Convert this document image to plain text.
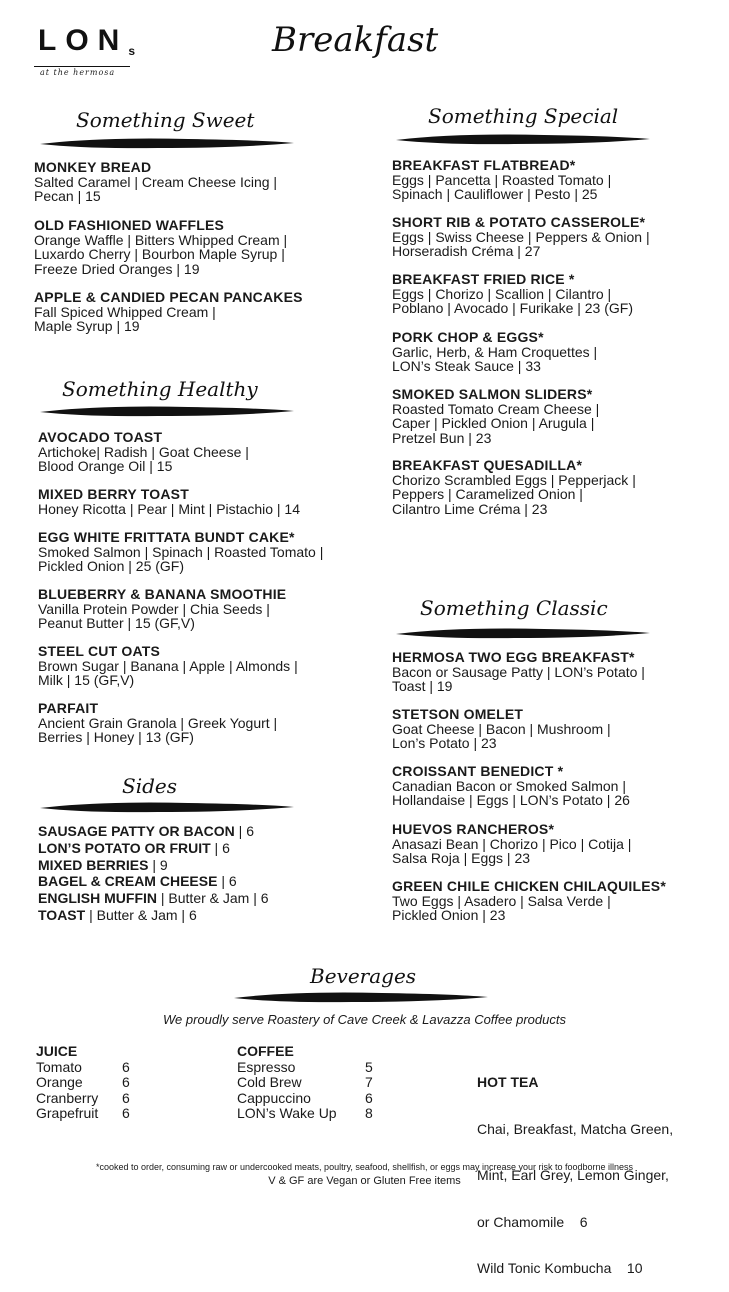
LONs
at the hermosa
Breakfast
Something Sweet
Something Healthy
Sides
Something Special
Something Classic
Beverages
MONKEY BREAD
Salted Caramel | Cream Cheese Icing |
Pecan | 15
OLD FASHIONED WAFFLES
Orange Waffle | Bitters Whipped Cream |
Luxardo Cherry | Bourbon Maple Syrup |
Freeze Dried Oranges | 19
APPLE & CANDIED PECAN PANCAKES
Fall Spiced Whipped Cream |
Maple Syrup | 19
AVOCADO TOAST
Artichoke| Radish | Goat Cheese |
Blood Orange Oil | 15
MIXED BERRY TOAST
Honey Ricotta | Pear | Mint | Pistachio | 14
EGG WHITE FRITTATA BUNDT CAKE*
Smoked Salmon | Spinach | Roasted Tomato |
Pickled Onion | 25 (GF)
BLUEBERRY & BANANA SMOOTHIE
Vanilla Protein Powder | Chia Seeds |
Peanut Butter | 15 (GF,V)
STEEL CUT OATS
Brown Sugar | Banana | Apple | Almonds |
Milk | 15 (GF,V)
PARFAIT
Ancient Grain Granola | Greek Yogurt |
Berries | Honey | 13 (GF)
SAUSAGE PATTY OR BACON | 6
LON’S POTATO OR FRUIT | 6
MIXED BERRIES | 9
BAGEL & CREAM CHEESE | 6
ENGLISH MUFFIN | Butter & Jam | 6
TOAST | Butter & Jam | 6
BREAKFAST FLATBREAD*
Eggs | Pancetta | Roasted Tomato |
Spinach | Cauliflower | Pesto | 25
SHORT RIB & POTATO CASSEROLE*
Eggs | Swiss Cheese | Peppers & Onion |
Horseradish Créma | 27
BREAKFAST FRIED RICE *
Eggs | Chorizo | Scallion | Cilantro |
Poblano | Avocado | Furikake | 23 (GF)
PORK CHOP & EGGS*
Garlic, Herb, & Ham Croquettes |
LON’s Steak Sauce | 33
SMOKED SALMON SLIDERS*
Roasted Tomato Cream Cheese |
Caper | Pickled Onion | Arugula |
Pretzel Bun | 23
BREAKFAST QUESADILLA*
Chorizo Scrambled Eggs | Pepperjack |
Peppers | Caramelized Onion |
Cilantro Lime Créma | 23
HERMOSA TWO EGG BREAKFAST*
Bacon or Sausage Patty | LON’s Potato |
Toast | 19
STETSON OMELET
Goat Cheese | Bacon | Mushroom |
Lon’s Potato | 23
CROISSANT BENEDICT *
Canadian Bacon or Smoked Salmon |
Hollandaise | Eggs | LON’s Potato | 26
HUEVOS RANCHEROS*
Anasazi Bean | Chorizo | Pico | Cotija |
Salsa Roja | Eggs | 23
GREEN CHILE CHICKEN CHILAQUILES*
Two Eggs | Asadero | Salsa Verde |
Pickled Onion | 23
We proudly serve Roastery of Cave Creek & Lavazza Coffee products
JUICE
Tomato	6
Orange	6
Cranberry	6
Grapefruit	6
COFFEE
Espresso	5
Cold Brew	7
Cappuccino	6
LON’s Wake Up	8

HOT TEA

Chai, Breakfast, Matcha Green,

Mint, Earl Grey, Lemon Ginger,

or Chamomile    6

Wild Tonic Kombucha    10

*cooked to order, consuming raw or undercooked meats, poultry, seafood, shellfish, or eggs may increase your risk to foodborne illness
V & GF are Vegan or Gluten Free items
